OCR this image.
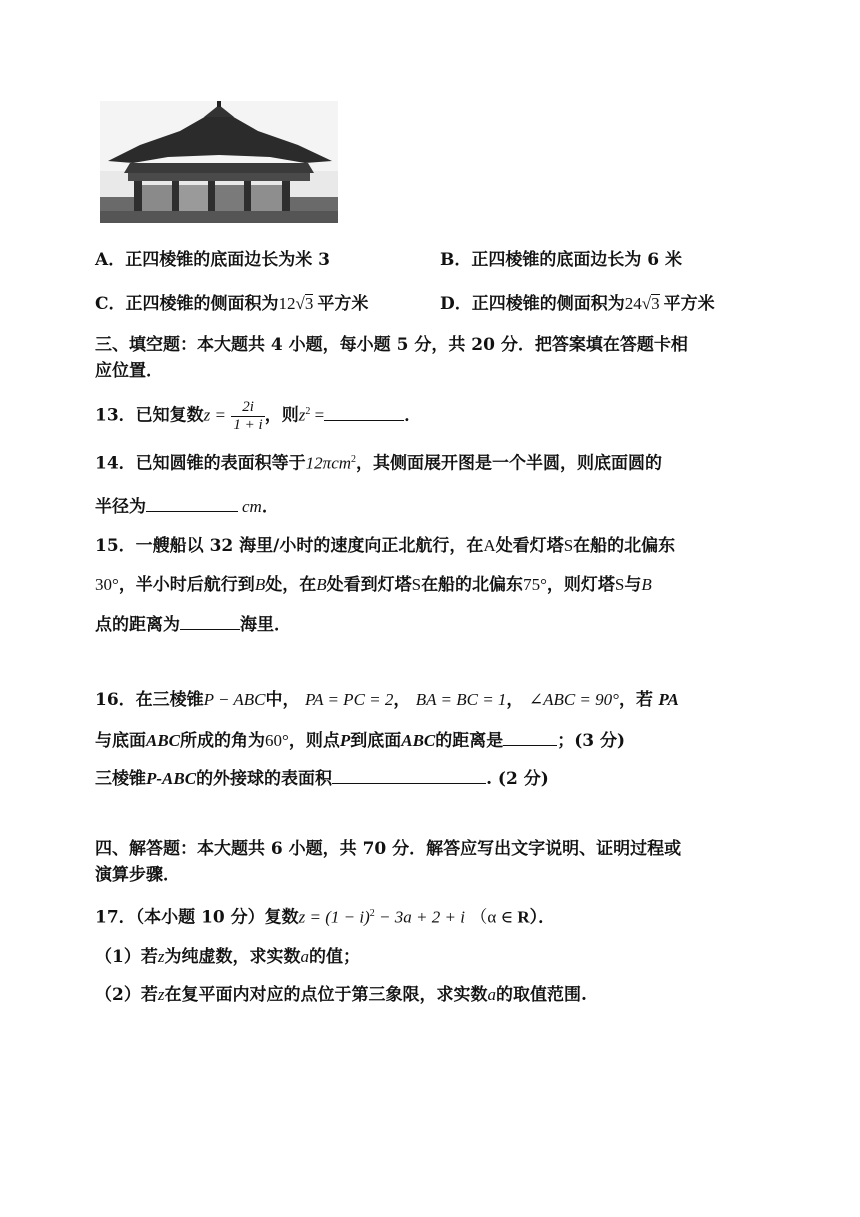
A．正四棱锥的底面边长为米 3	B．正四棱锥的底面边长为 6 米
C．正四棱锥的侧面积为12√3 平方米	D．正四棱锥的侧面积为24√3 平方米
三、填空题：本大题共 4 小题，每小题 5 分，共 20 分．把答案填在答题卡相
应位置．
13．已知复数$z = \frac{2i}{1 + i}$ ，则$z^2$ =	．
14．已知圆锥的表面积等于12πcm$^2$，其侧面展开图是一个半圆，则底面圆的
半径为	cm．
15．一艘船以 32 海里/小时的速度向正北航行，在A处看灯塔S在船的北偏东
30°，半小时后航行到B处，在B处看到灯塔S在船的北偏东75°，则灯塔S与B
点的距离为	海里．
16．在三棱锥P − ABC中， PA = PC = 2， BA = BC = 1， ∠ABC = 90°，若 PA
与底面ABC所成的角为60°，则点P到底面ABC的距离是	；(3 分)
三棱锥P-ABC的外接球的表面积	. (2 分)
四、解答题：本大题共 6 小题，共 70 分．解答应写出文字说明、证明过程或
演算步骤．
17．（本小题 10 分）复数$z = (1 - i)^2 - 3a + 2 + i$ （α ∈ R）．
（1）若z为纯虚数，求实数a的值；
（2）若z在复平面内对应的点位于第三象限，求实数a的取值范围.
